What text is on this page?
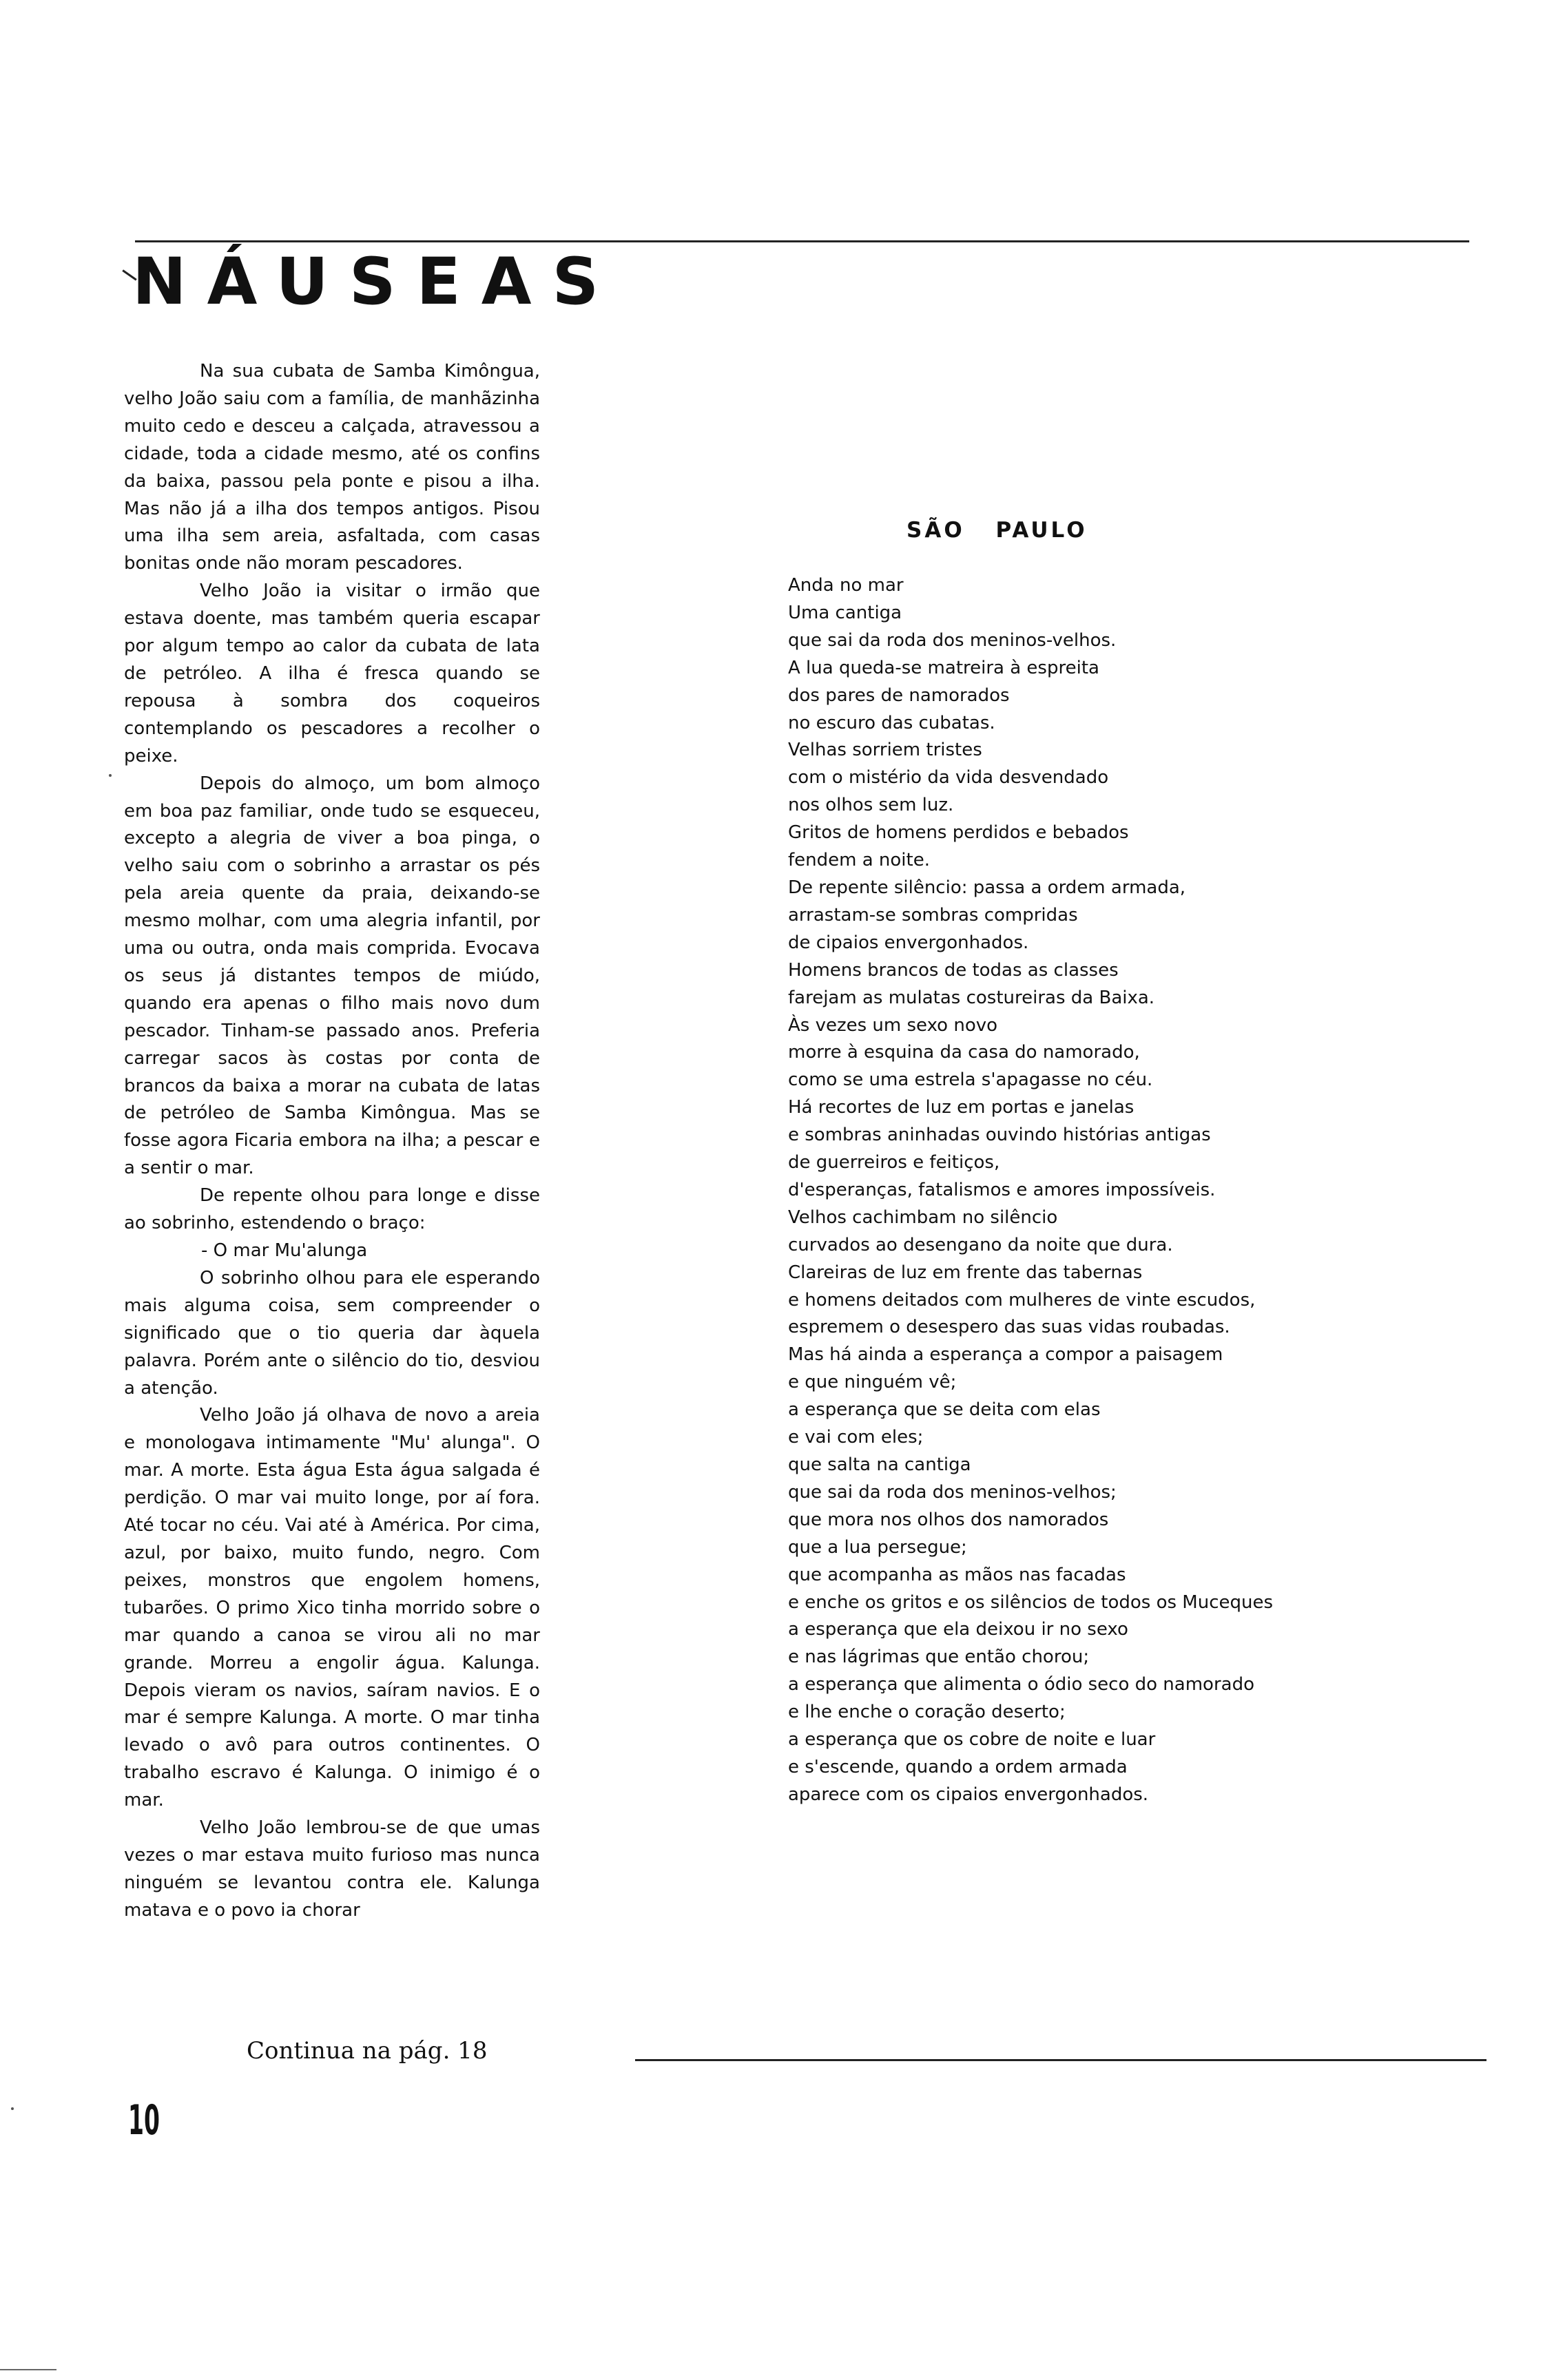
NÁUSEAS

Na sua cubata de Samba Kimôngua, velho João saiu com a família, de manhãzinha muito cedo e desceu a calçada, atravessou a cidade, toda a cidade mesmo, até os confins da baixa, passou pela ponte e pisou a ilha. Mas não já a ilha dos tempos antigos. Pisou uma ilha sem areia, asfaltada, com casas bonitas onde não moram pescadores.

Velho João ia visitar o irmão que estava doente, mas também queria escapar por algum tempo ao calor da cubata de lata de petróleo. A ilha é fresca quando se repousa à sombra dos coqueiros contemplando os pescadores a recolher o peixe.

Depois do almoço, um bom almoço em boa paz familiar, onde tudo se esqueceu, excepto a alegria de viver a boa pinga, o velho saiu com o sobrinho a arrastar os pés pela areia quente da praia, deixando-se mesmo molhar, com uma alegria infantil, por uma ou outra, onda mais comprida. Evocava os seus já distantes tempos de miúdo, quando era apenas o filho mais novo dum pescador. Tinham-se passado anos. Preferia carregar sacos às costas por conta de brancos da baixa a morar na cubata de latas de petróleo de Samba Kimôngua. Mas se fosse agora Ficaria embora na ilha; a pescar e a sentir o mar.

De repente olhou para longe e disse ao sobrinho, estendendo o braço:

- O mar Mu'alunga

O sobrinho olhou para ele esperando mais alguma coisa, sem compreender o significado que o tio queria dar àquela palavra. Porém ante o silêncio do tio, desviou a atenção.

Velho João já olhava de novo a areia e monologava intimamente "Mu' alunga". O mar. A morte. Esta água Esta água salgada é perdição. O mar vai muito longe, por aí fora. Até tocar no céu. Vai até à América. Por cima, azul, por baixo, muito fundo, negro. Com peixes, monstros que engolem homens, tubarões. O primo Xico tinha morrido sobre o mar quando a canoa se virou ali no mar grande. Morreu a engolir água. Kalunga. Depois vieram os navios, saíram navios. E o mar é sempre Kalunga. A morte. O mar tinha levado o avô para outros continentes. O trabalho escravo é Kalunga. O inimigo é o mar.

Velho João lembrou-se de que umas vezes o mar estava muito furioso mas nunca ninguém se levantou contra ele. Kalunga matava e o povo ia chorar

SÃO PAULO
Anda no mar
Uma cantiga
que sai da roda dos meninos-velhos.
A lua queda-se matreira à espreita
dos pares de namorados
no escuro das cubatas.
Velhas sorriem tristes
com o mistério da vida desvendado
nos olhos sem luz.
Gritos de homens perdidos e bebados
fendem a noite.
De repente silêncio: passa a ordem armada,
arrastam-se sombras compridas
de cipaios envergonhados.
Homens brancos de todas as classes
farejam as mulatas costureiras da Baixa.
Às vezes um sexo novo
morre à esquina da casa do namorado,
como se uma estrela s'apagasse no céu.
Há recortes de luz em portas e janelas
e sombras aninhadas ouvindo histórias antigas
de guerreiros e feitiços,
d'esperanças, fatalismos e amores impossíveis.
Velhos cachimbam no silêncio
curvados ao desengano da noite que dura.
Clareiras de luz em frente das tabernas
e homens deitados com mulheres de vinte escudos,
espremem o desespero das suas vidas roubadas.
Mas há ainda a esperança a compor a paisagem
e que ninguém vê;
a esperança que se deita com elas
e vai com eles;
que salta na cantiga
que sai da roda dos meninos-velhos;
que mora nos olhos dos namorados
que a lua persegue;
que acompanha as mãos nas facadas
e enche os gritos e os silêncios de todos os Muceques
a esperança que ela deixou ir no sexo
e nas lágrimas que então chorou;
a esperança que alimenta o ódio seco do namorado
e lhe enche o coração deserto;
a esperança que os cobre de noite e luar
e s'escende, quando a ordem armada
aparece com os cipaios envergonhados.
Continua na pág. 18
10
